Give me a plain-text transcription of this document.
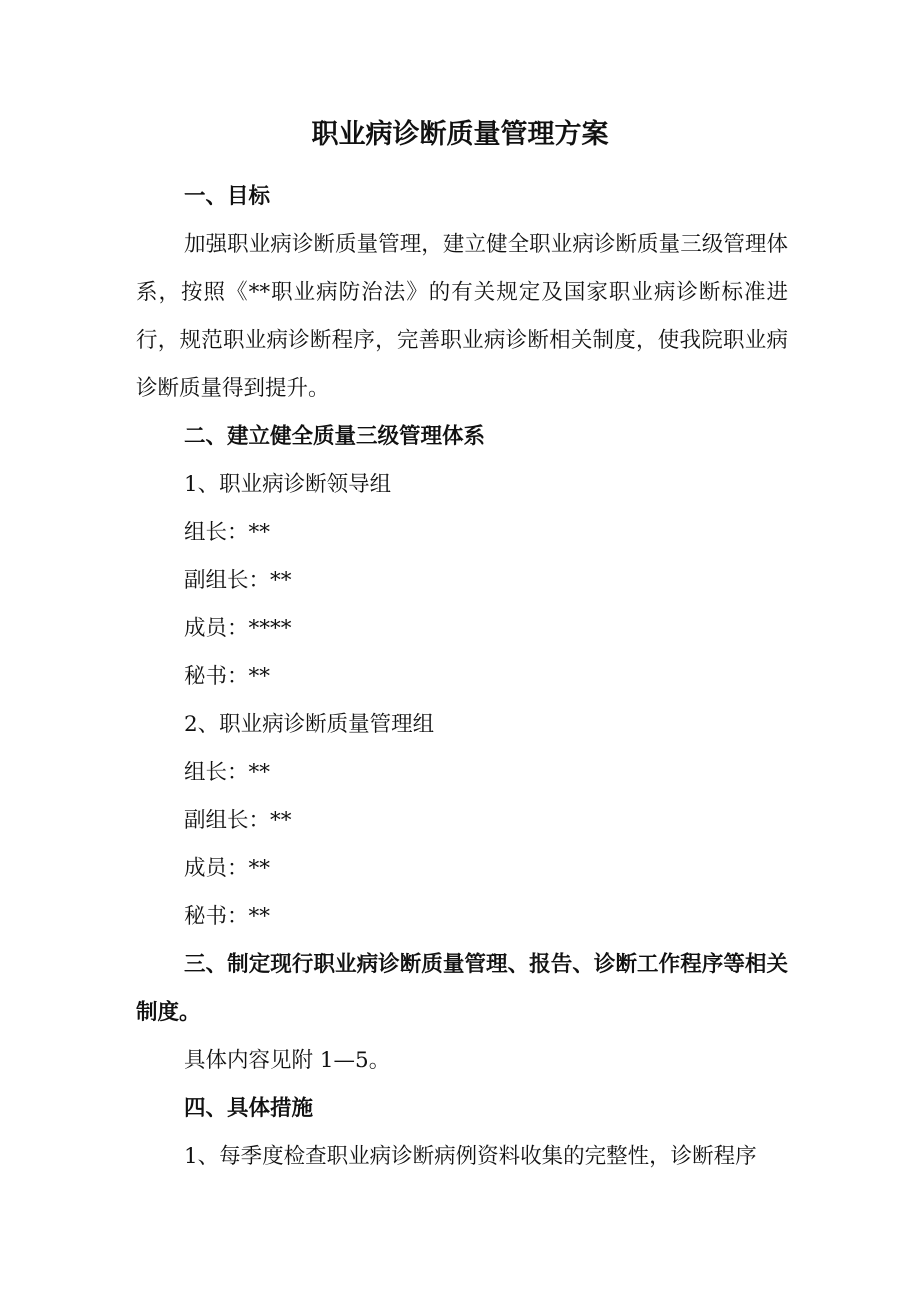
职业病诊断质量管理方案

一、目标

加强职业病诊断质量管理，建立健全职业病诊断质量三级管理体系，按照《**职业病防治法》的有关规定及国家职业病诊断标准进行，规范职业病诊断程序，完善职业病诊断相关制度，使我院职业病诊断质量得到提升。

二、建立健全质量三级管理体系

1、职业病诊断领导组

组长：**

副组长：**

成员：****

秘书：**

2、职业病诊断质量管理组

组长：**

副组长：**

成员：**

秘书：**

三、制定现行职业病诊断质量管理、报告、诊断工作程序等相关制度。

具体内容见附 1—5。

四、具体措施

1、每季度检查职业病诊断病例资料收集的完整性，诊断程序
